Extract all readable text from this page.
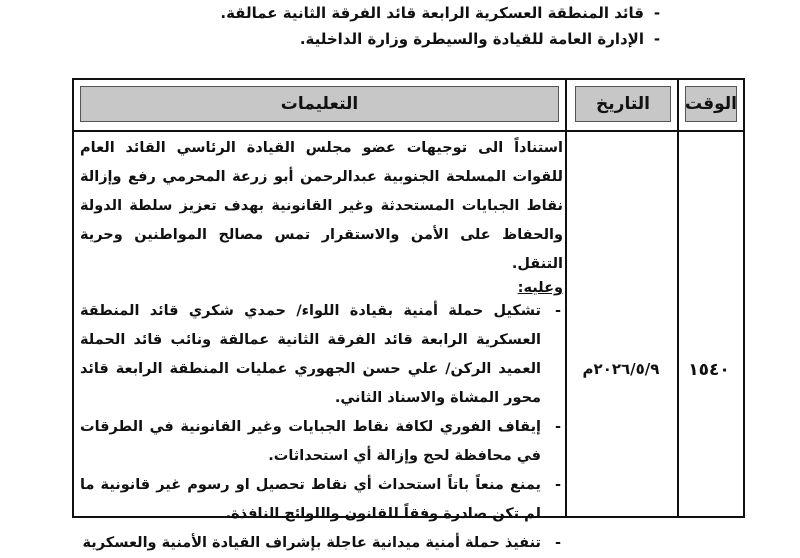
-
قائد المنطقة العسكرية الرابعة قائد الفرقة الثانية عمالقة.
-
الإدارة العامة للقيادة والسيطرة وزارة الداخلية.
الوقت
التاريخ
التعليمات
١٥٤٠
٢٠٢٦/٥/٩م

استناداً الى توجيهات عضو مجلس القيادة الرئاسي القائد العام للقوات المسلحة الجنوبية عبدالرحمن أبو زرعة المحرمي رفع وإزالة نقاط الجبايات المستحدثة وغير القانونية بهدف تعزيز سلطة الدولة والحفاظ على الأمن والاستقرار تمس مصالح المواطنين وحرية التنقل.

وعليه:

-
تشكيل حملة أمنية بقيادة اللواء/ حمدي شكري قائد المنطقة العسكرية الرابعة قائد الفرقة الثانية عمالقة ونائب قائد الحملة العميد الركن/ علي حسن الجهوري عمليات المنطقة الرابعة قائد محور المشاة والاسناد الثاني.

-
إيقاف الفوري لكافة نقاط الجبايات وغير القانونية في الطرقات في محافظة لحج وإزالة أي استحداثات.

-
يمنع منعاً باتاً استحداث أي نقاط تحصيل او رسوم غير قانونية ما لم تكن صادرة وفقاً للقانون واللوائح النافذة.

-
تنفيذ حملة أمنية ميدانية عاجلة بإشراف القيادة الأمنية والعسكرية
